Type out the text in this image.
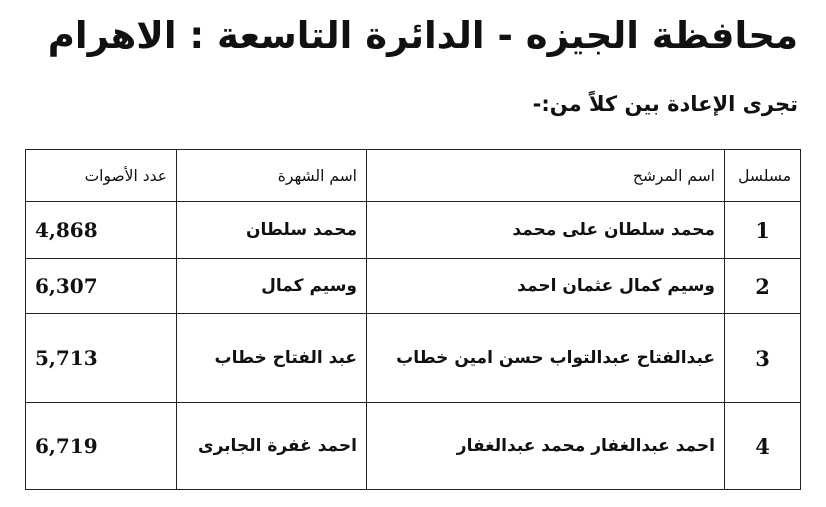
محافظة الجيزه - الدائرة التاسعة : الاهرام
تجرى الإعادة بين كلاً من:-
مسلسل	اسم المرشح	اسم الشهرة	عدد الأصوات
1	محمد سلطان على محمد	محمد سلطان	4,868
2	وسيم كمال عثمان احمد	وسيم كمال	6,307
3	عبدالفتاح عبدالتواب حسن امين خطاب	عبد الفتاح خطاب	5,713
4	احمد عبدالغفار محمد عبدالغفار	احمد غفرة الجابرى	6,719
